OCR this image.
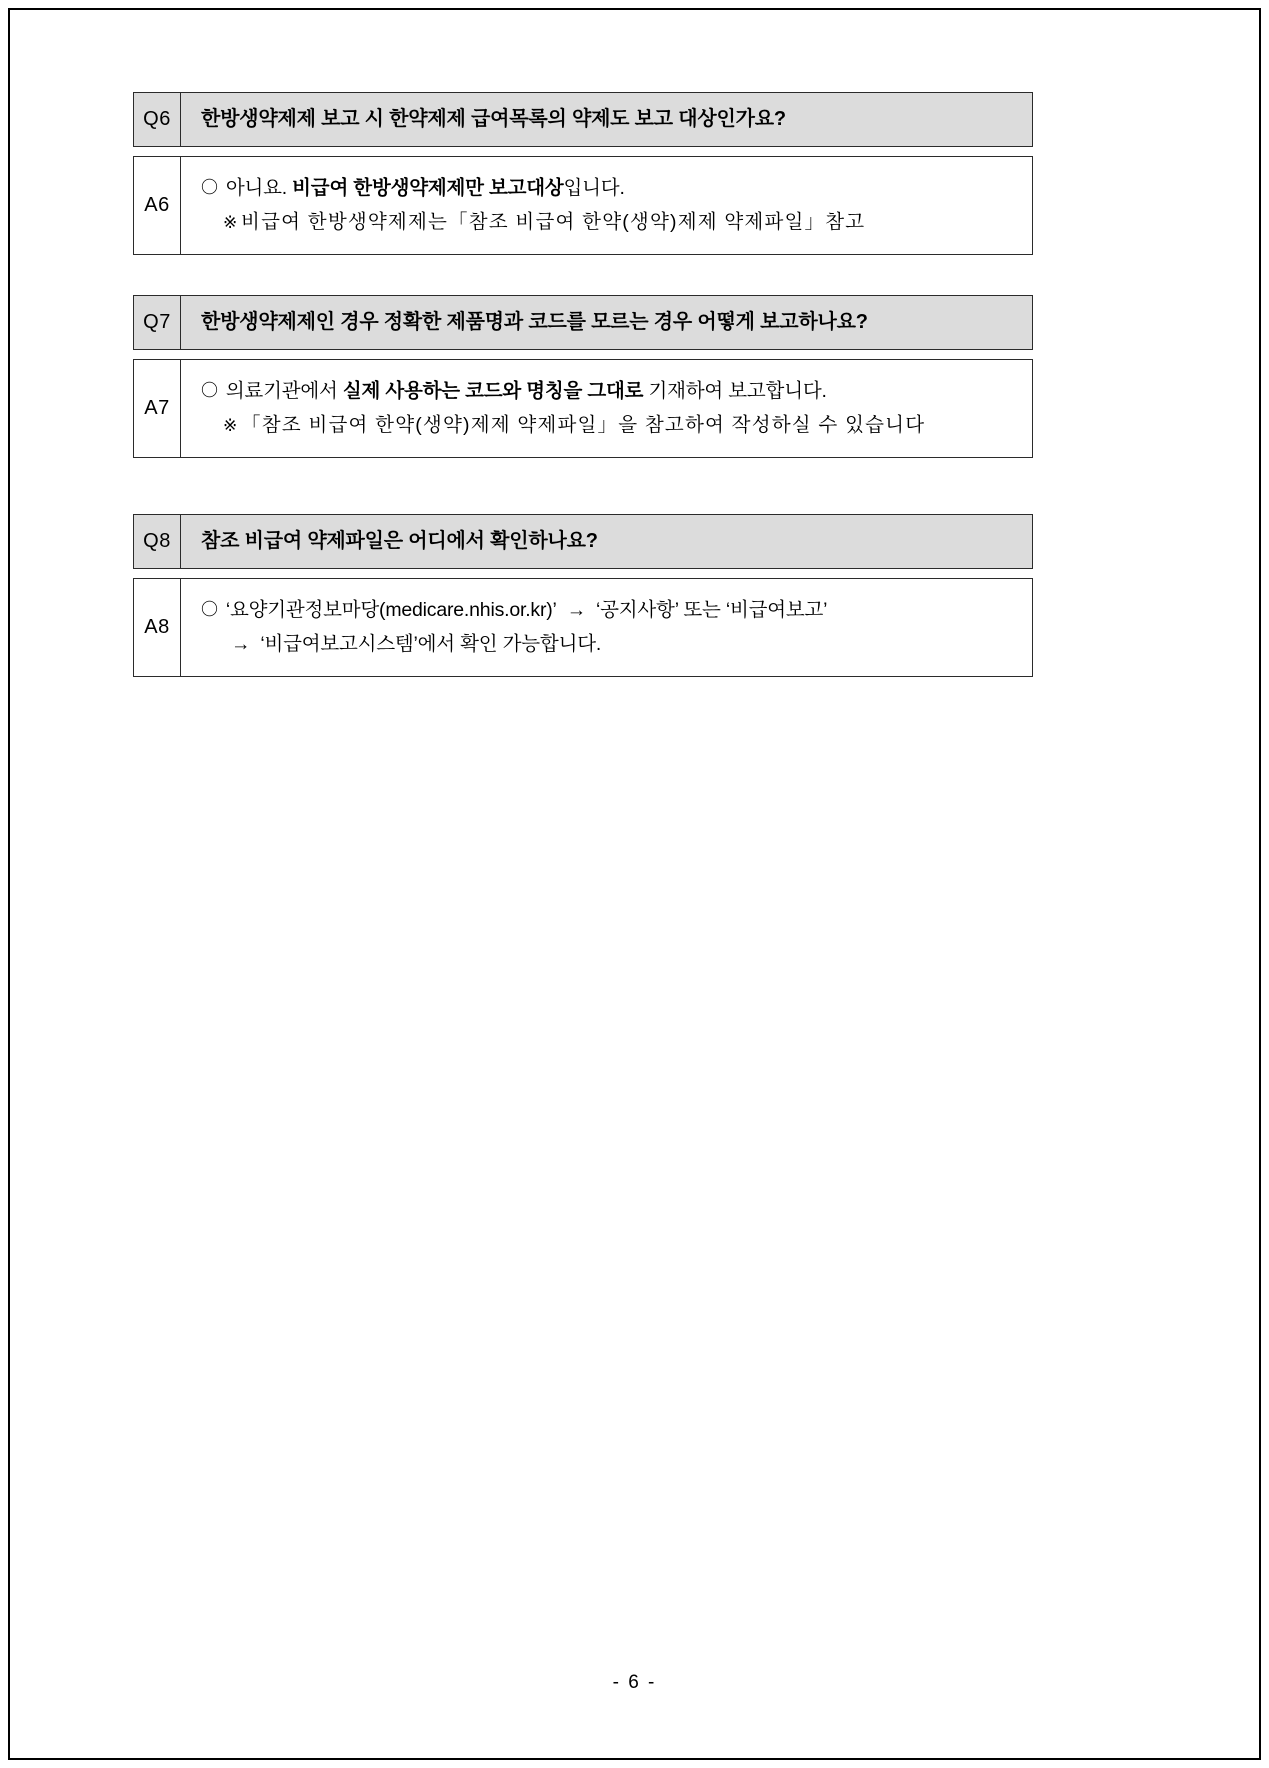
Q6	한방생약제제 보고 시 한약제제 급여목록의 약제도 보고 대상인가요?
A6
〇 아니요. 비급여 한방생약제제만 보고대상입니다.
※ 비급여 한방생약제제는「참조 비급여 한약(생약)제제 약제파일」참고
Q7	한방생약제제인 경우 정확한 제품명과 코드를 모르는 경우 어떻게 보고하나요?
A7
〇 의료기관에서 실제 사용하는 코드와 명칭을 그대로 기재하여 보고합니다.
※ 「참조 비급여 한약(생약)제제 약제파일」을 참고하여 작성하실 수 있습니다
Q8	참조 비급여 약제파일은 어디에서 확인하나요?
A8
〇 ‘요양기관정보마당(medicare.nhis.or.kr)’ → ‘공지사항’ 또는 ‘비급여보고’
→ ‘비급여보고시스템’에서 확인 가능합니다.
- 6 -
